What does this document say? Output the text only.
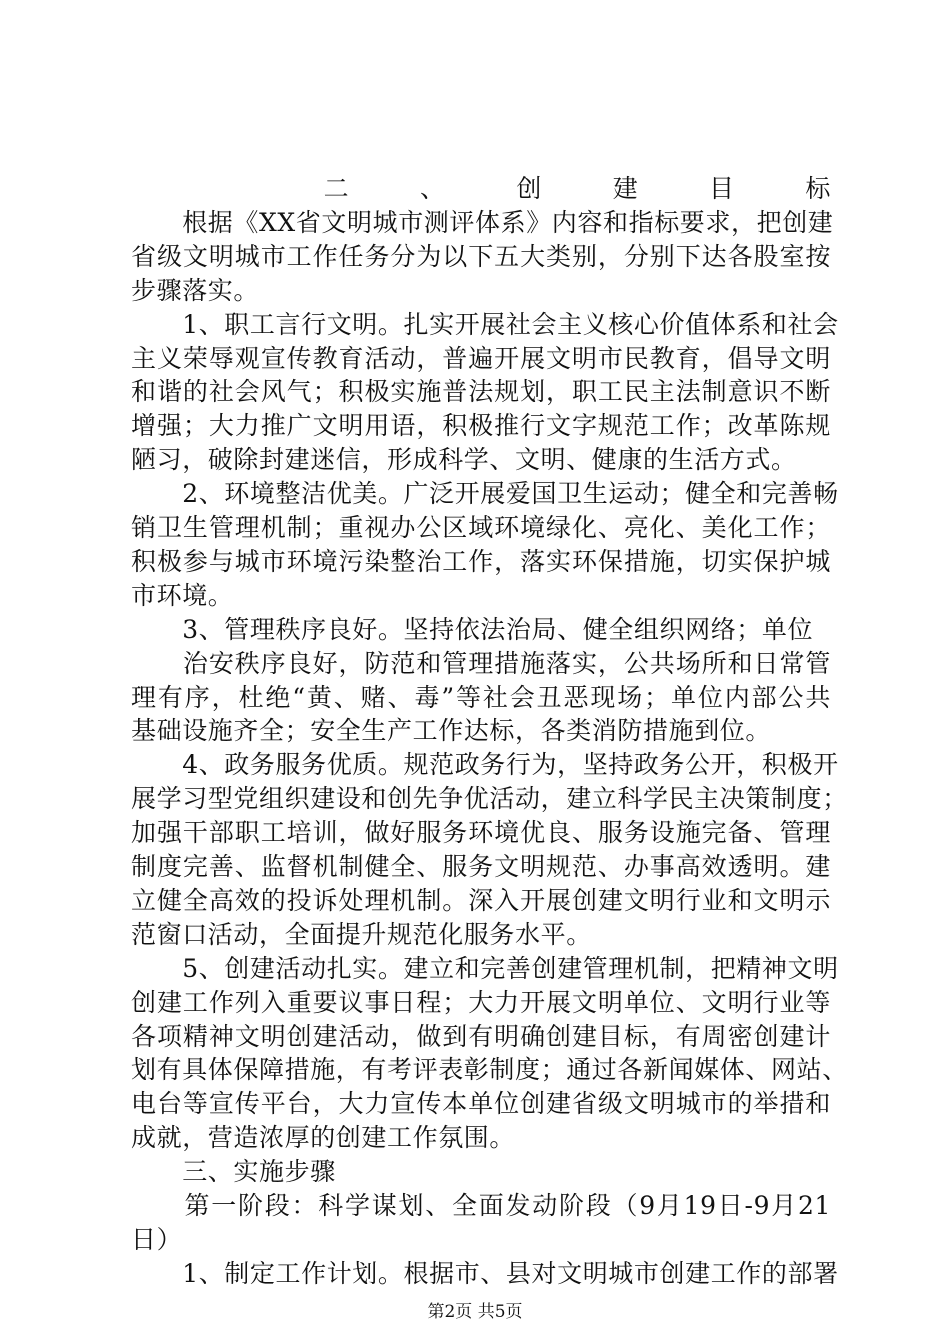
　　二、创建目标
　　根据《XX省文明城市测评体系》内容和指标要求，把创建
省级文明城市工作任务分为以下五大类别，分别下达各股室按
步骤落实。
　　1、职工言行文明。扎实开展社会主义核心价值体系和社会
主义荣辱观宣传教育活动，普遍开展文明市民教育，倡导文明
和谐的社会风气；积极实施普法规划，职工民主法制意识不断
增强；大力推广文明用语，积极推行文字规范工作；改革陈规
陋习，破除封建迷信，形成科学、文明、健康的生活方式。
　　2、环境整洁优美。广泛开展爱国卫生运动；健全和完善畅
销卫生管理机制；重视办公区域环境绿化、亮化、美化工作；
积极参与城市环境污染整治工作，落实环保措施，切实保护城
市环境。
　　3、管理秩序良好。坚持依法治局、健全组织网络；单位
　　治安秩序良好，防范和管理措施落实，公共场所和日常管
理有序，杜绝“黄、赌、毒”等社会丑恶现场；单位内部公共
基础设施齐全；安全生产工作达标，各类消防措施到位。
　　4、政务服务优质。规范政务行为，坚持政务公开，积极开
展学习型党组织建设和创先争优活动，建立科学民主决策制度；
加强干部职工培训，做好服务环境优良、服务设施完备、管理
制度完善、监督机制健全、服务文明规范、办事高效透明。建
立健全高效的投诉处理机制。深入开展创建文明行业和文明示
范窗口活动，全面提升规范化服务水平。
　　5、创建活动扎实。建立和完善创建管理机制，把精神文明
创建工作列入重要议事日程；大力开展文明单位、文明行业等
各项精神文明创建活动，做到有明确创建目标，有周密创建计
划有具体保障措施，有考评表彰制度；通过各新闻媒体、网站、
电台等宣传平台，大力宣传本单位创建省级文明城市的举措和
成就，营造浓厚的创建工作氛围。
　　三、实施步骤
　　第一阶段：科学谋划、全面发动阶段（9月19日-9月21
日）
　　1、制定工作计划。根据市、县对文明城市创建工作的部署
第2页 共5页
